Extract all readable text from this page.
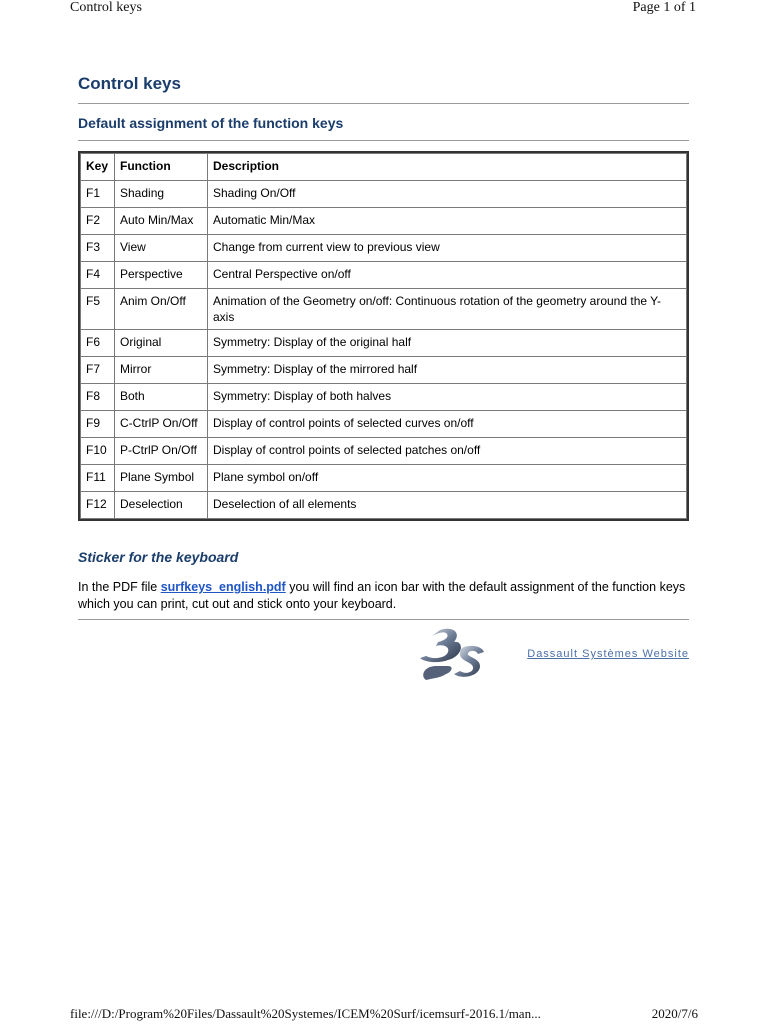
Control keys	Page 1 of 1
Control keys
Default assignment of the function keys
Key	Function	Description
F1	Shading	Shading On/Off
F2	Auto Min/Max	Automatic Min/Max
F3	View	Change from current view to previous view
F4	Perspective	Central Perspective on/off
F5	Anim On/Off	Animation of the Geometry on/off: Continuous rotation of the geometry around the Y-axis
F6	Original	Symmetry: Display of the original half
F7	Mirror	Symmetry: Display of the mirrored half
F8	Both	Symmetry: Display of both halves
F9	C-CtrlP On/Off	Display of control points of selected curves on/off
F10	P-CtrlP On/Off	Display of control points of selected patches on/off
F11	Plane Symbol	Plane symbol on/off
F12	Deselection	Deselection of all elements
Sticker for the keyboard

In the PDF file surfkeys_english.pdf you will find an icon bar with the default assignment of the function keys which you can print, cut out and stick onto your keyboard.

Dassault Systèmes Website
file:///D:/Program%20Files/Dassault%20Systemes/ICEM%20Surf/icemsurf-2016.1/man...	2020/7/6
